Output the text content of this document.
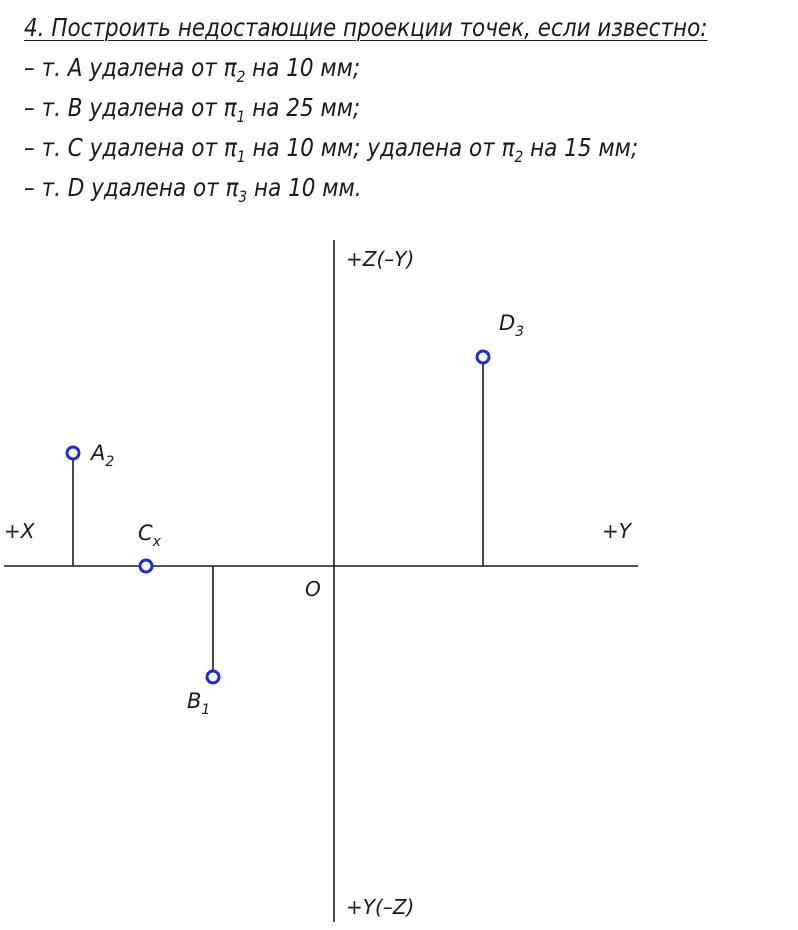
4. Построить недостающие проекции точек, если известно:
– т. A удалена от $\pi_2$ на 10 мм;
– т. B удалена от $\pi_1$ на 25 мм;
– т. C удалена от $\pi_1$ на 10 мм; удалена от $\pi_2$ на 15 мм;
– т. D удалена от $\pi_3$ на 10 мм.
+X	+Y
+Z(–Y)
+Y(–Z)
O
$A_2$
$B_1$
$C_x$
$D_3$
